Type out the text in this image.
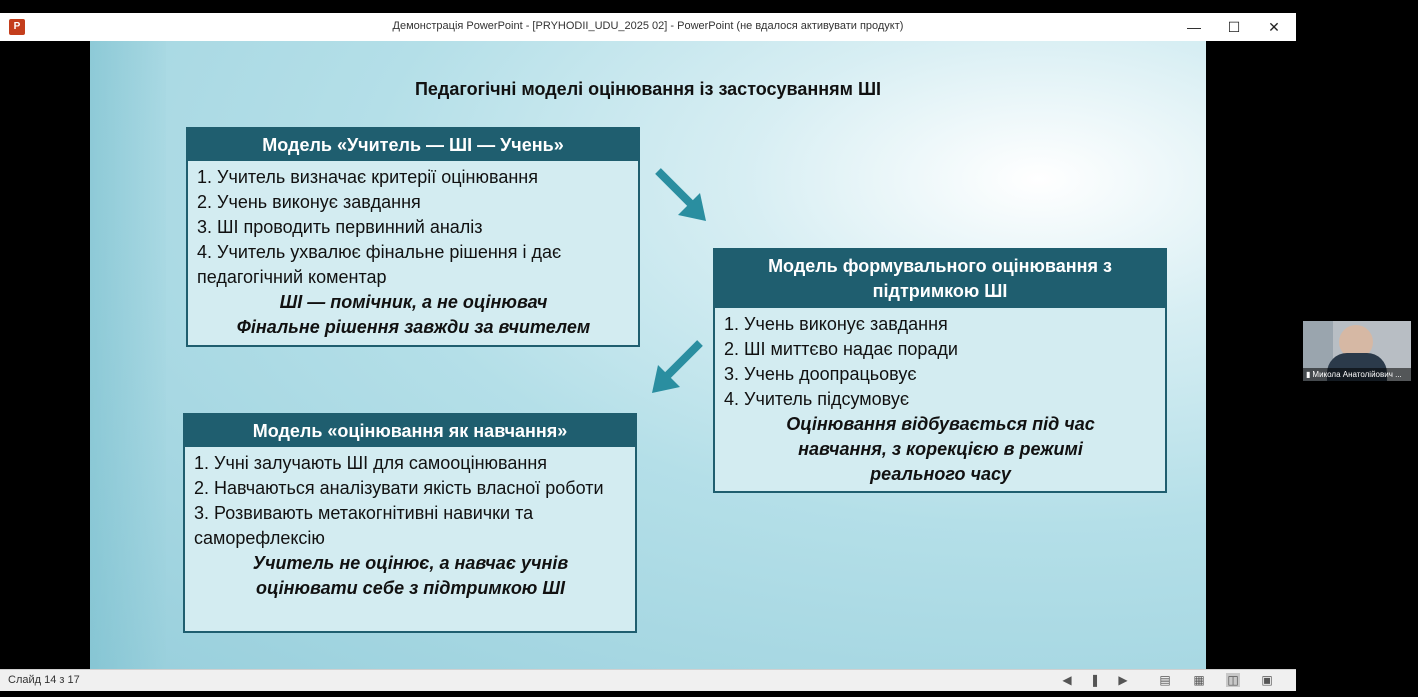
P	Демонстрація PowerPoint - [PRYHODII_UDU_2025 02] - PowerPoint (не вдалося активувати продукт)	—	☐	✕
Педагогічні моделі оцінювання із застосуванням ШІ
Модель «Учитель — ШІ — Учень»
1. Учитель визначає критерії оцінювання
2. Учень виконує завдання
3. ШІ проводить первинний аналіз
4. Учитель ухвалює фінальне рішення і дає педагогічний коментар
ШІ — помічник, а не оцінювач
Фінальне рішення завжди за вчителем
Модель формувального оцінювання з підтримкою ШІ
1. Учень виконує завдання
2. ШІ миттєво надає поради
3. Учень доопрацьовує
4. Учитель підсумовує
Оцінювання відбувається під час навчання, з корекцією в режимі реального часу
Модель «оцінювання як навчання»
1. Учні залучають ШІ для самооцінювання
2. Навчаються аналізувати якість власної роботи
3. Розвивають метакогнітивні навички та саморефлексію
Учитель не оцінює, а навчає учнів оцінювати себе з підтримкою ШІ
Слайд 14 з 17	◀ ❚ ▶	▤ ▦ ◫ ▣
▮ Микола Анатолійович ...
